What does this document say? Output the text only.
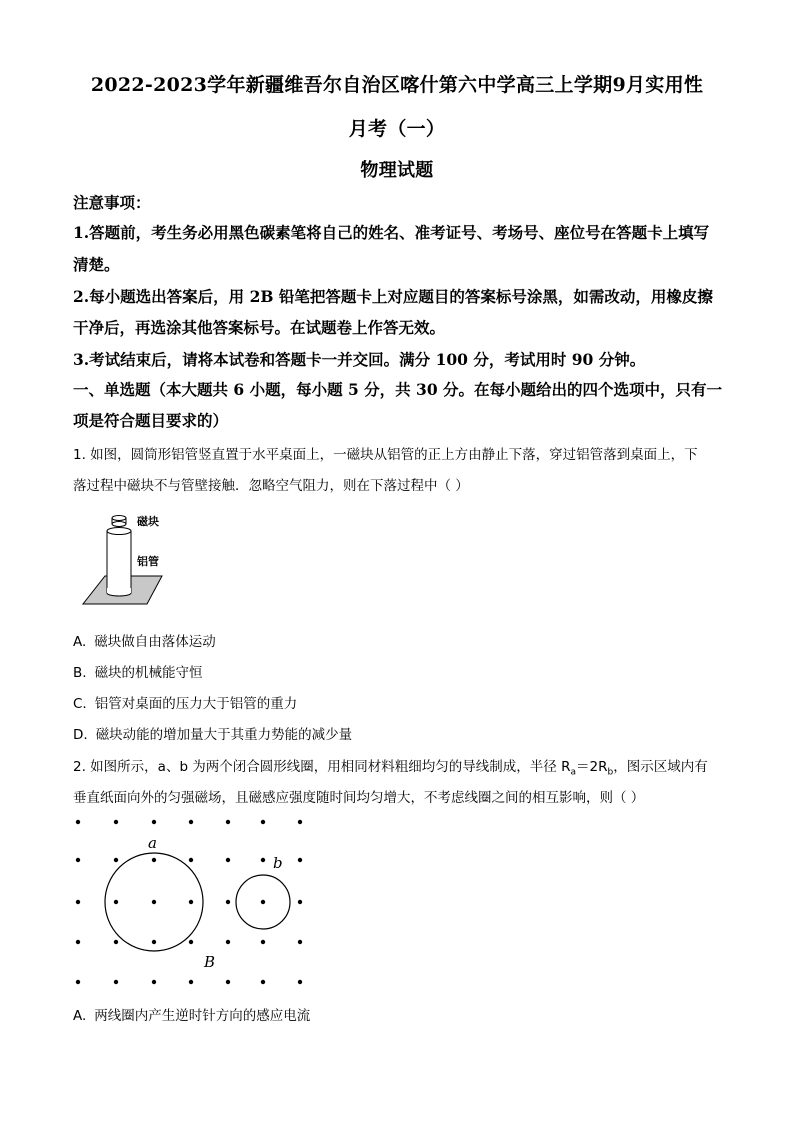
2022-2023学年新疆维吾尔自治区喀什第六中学高三上学期9月实用性
月考（一）
物理试题
注意事项：
1.答题前，考生务必用黑色碳素笔将自己的姓名、准考证号、考场号、座位号在答题卡上填写
清楚。
2.每小题选出答案后，用 2B 铅笔把答题卡上对应题目的答案标号涂黑，如需改动，用橡皮擦
干净后，再选涂其他答案标号。在试题卷上作答无效。
3.考试结束后，请将本试卷和答题卡一并交回。满分 100 分，考试用时 90 分钟。
一、单选题（本大题共 6 小题，每小题 5 分，共 30 分。在每小题给出的四个选项中，只有一
项是符合题目要求的）
1. 如图，圆筒形铝管竖直置于水平桌面上，一磁块从铝管的正上方由静止下落，穿过铝管落到桌面上，下
落过程中磁块不与管壁接触．忽略空气阻力，则在下落过程中（ ）
磁块
铝管
A. 磁块做自由落体运动
B. 磁块的机械能守恒
C. 铝管对桌面的压力大于铝管的重力
D. 磁块动能的增加量大于其重力势能的减少量
2. 如图所示，a、b 为两个闭合圆形线圈，用相同材料粗细均匀的导线制成，半径 $R_a=2R_b$，图示区域内有
垂直纸面向外的匀强磁场，且磁感应强度随时间均匀增大，不考虑线圈之间的相互影响，则（ ）
a
b
B
A. 两线圈内产生逆时针方向的感应电流
